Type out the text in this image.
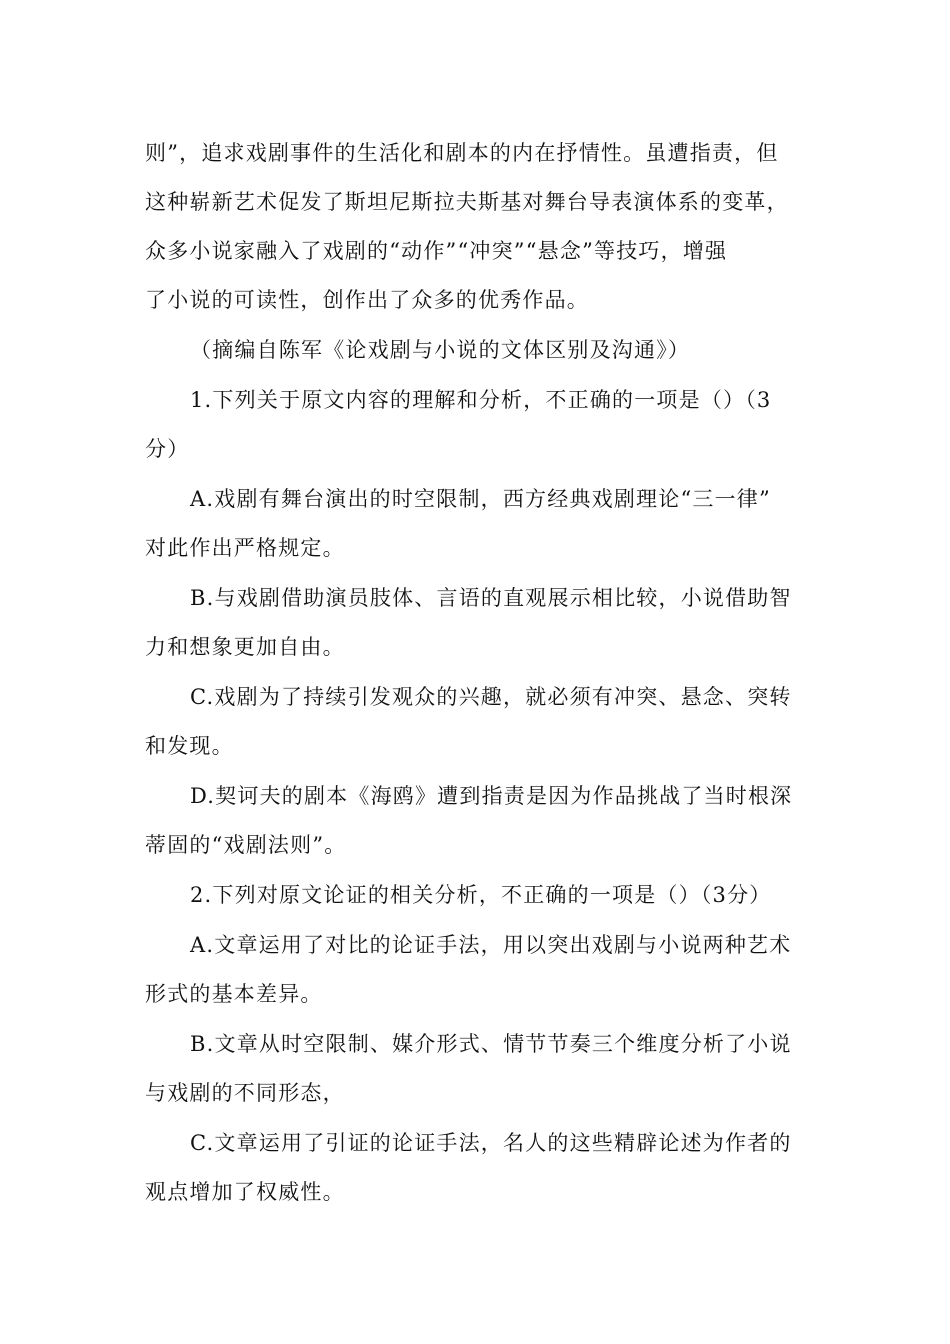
则”，追求戏剧事件的生活化和剧本的内在抒情性。虽遭指责，但
这种崭新艺术促发了斯坦尼斯拉夫斯基对舞台导表演体系的变革，
众多小说家融入了戏剧的“动作”“冲突”“悬念”等技巧，增强
了小说的可读性，创作出了众多的优秀作品。
（摘编自陈军《论戏剧与小说的文体区别及沟通》）
1.下列关于原文内容的理解和分析，不正确的一项是（）（3
分）
A.戏剧有舞台演出的时空限制，西方经典戏剧理论“三一律”
对此作出严格规定。
B.与戏剧借助演员肢体、言语的直观展示相比较，小说借助智
力和想象更加自由。
C.戏剧为了持续引发观众的兴趣，就必须有冲突、悬念、突转
和发现。
D.契诃夫的剧本《海鸥》遭到指责是因为作品挑战了当时根深
蒂固的“戏剧法则”。
2.下列对原文论证的相关分析，不正确的一项是（）（3分）
A.文章运用了对比的论证手法，用以突出戏剧与小说两种艺术
形式的基本差异。
B.文章从时空限制、媒介形式、情节节奏三个维度分析了小说
与戏剧的不同形态，
C.文章运用了引证的论证手法，名人的这些精辟论述为作者的
观点增加了权威性。
